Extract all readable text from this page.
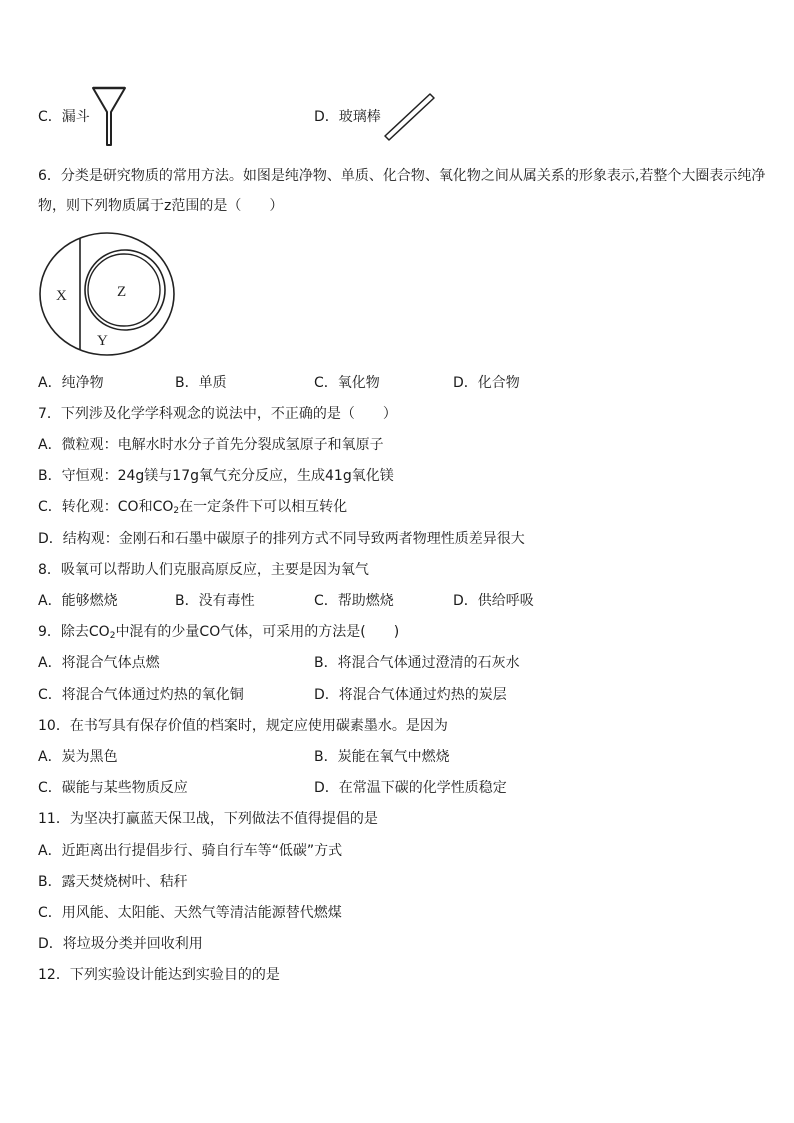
C．漏斗	D．玻璃棒
6．分类是研究物质的常用方法。如图是纯净物、单质、化合物、氧化物之间从属关系的形象表示,若整个大圈表示纯净
物，则下列物质属于z范围的是（　　）
X	Z
Y
A．纯净物	B．单质	C．氧化物	D．化合物
7．下列涉及化学学科观念的说法中，不正确的是（　　）
A．微粒观：电解水时水分子首先分裂成氢原子和氧原子
B．守恒观：24g镁与17g氧气充分反应，生成41g氧化镁
C．转化观：CO和$CO_2$在一定条件下可以相互转化
D．结构观：金刚石和石墨中碳原子的排列方式不同导致两者物理性质差异很大
8．吸氧可以帮助人们克服高原反应，主要是因为氧气
A．能够燃烧	B．没有毒性	C．帮助燃烧	D．供给呼吸
9．除去$CO_2$中混有的少量CO气体，可采用的方法是(　　)
A．将混合气体点燃	B．将混合气体通过澄清的石灰水
C．将混合气体通过灼热的氧化铜	D．将混合气体通过灼热的炭层
10．在书写具有保存价值的档案时，规定应使用碳素墨水。是因为
A．炭为黑色	B．炭能在氧气中燃烧
C．碳能与某些物质反应	D．在常温下碳的化学性质稳定
11．为坚决打赢蓝天保卫战，下列做法不值得提倡的是
A．近距离出行提倡步行、骑自行车等“低碳”方式
B．露天焚烧树叶、秸秆
C．用风能、太阳能、天然气等清洁能源替代燃煤
D．将垃圾分类并回收利用
12．下列实验设计能达到实验目的的是
